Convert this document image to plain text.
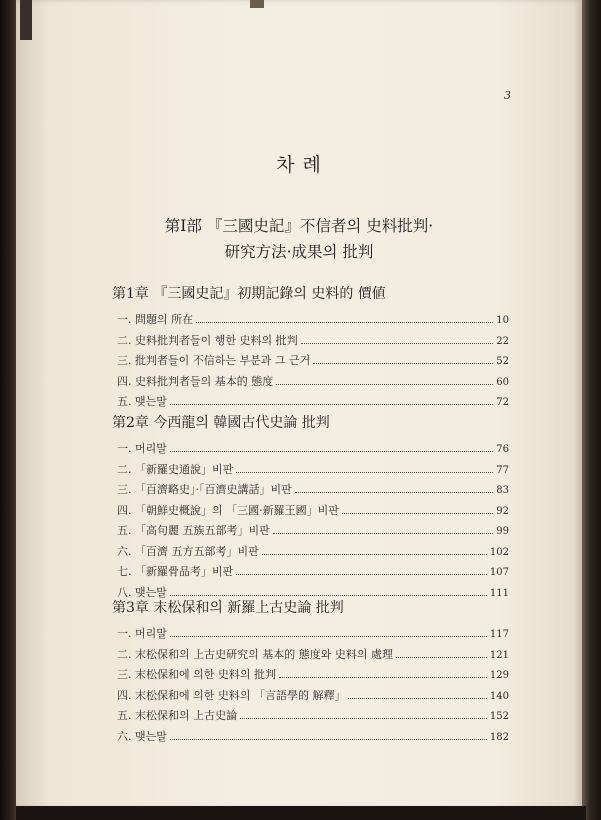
3
차 례
第Ⅰ部 『三國史記』不信者의 史料批判·
研究方法·成果의 批判
第1章 『三國史記』初期記錄의 史料的 價値
一. 問題의 所在	10
二. 史料批判者들이 행한 史料의 批判	22
三. 批判者들이 不信하는 부분과 그 근거	52
四. 史料批判者들의 基本的 態度	60
五. 맺는말	72
第2章 今西龍의 韓國古代史論 批判
一. 머리말	76
二. 「新羅史通說」비판	77
三. 「百濟略史」·「百濟史講話」비판	83
四. 「朝鮮史概說」의 「三國·新羅王國」비판	92
五. 「高句麗 五族五部考」비판	99
六. 「百濟 五方五部考」비판	102
七. 「新羅骨品考」비판	107
八. 맺는말	111
第3章 末松保和의 新羅上古史論 批判
一. 머리말	117
二. 末松保和의 上古史研究의 基本的 態度와 史料의 處理	121
三. 末松保和에 의한 史料의 批判	129
四. 末松保和에 의한 史料의 「言語學的 解釋」	140
五. 末松保和의 上古史論	152
六. 맺는말	182
